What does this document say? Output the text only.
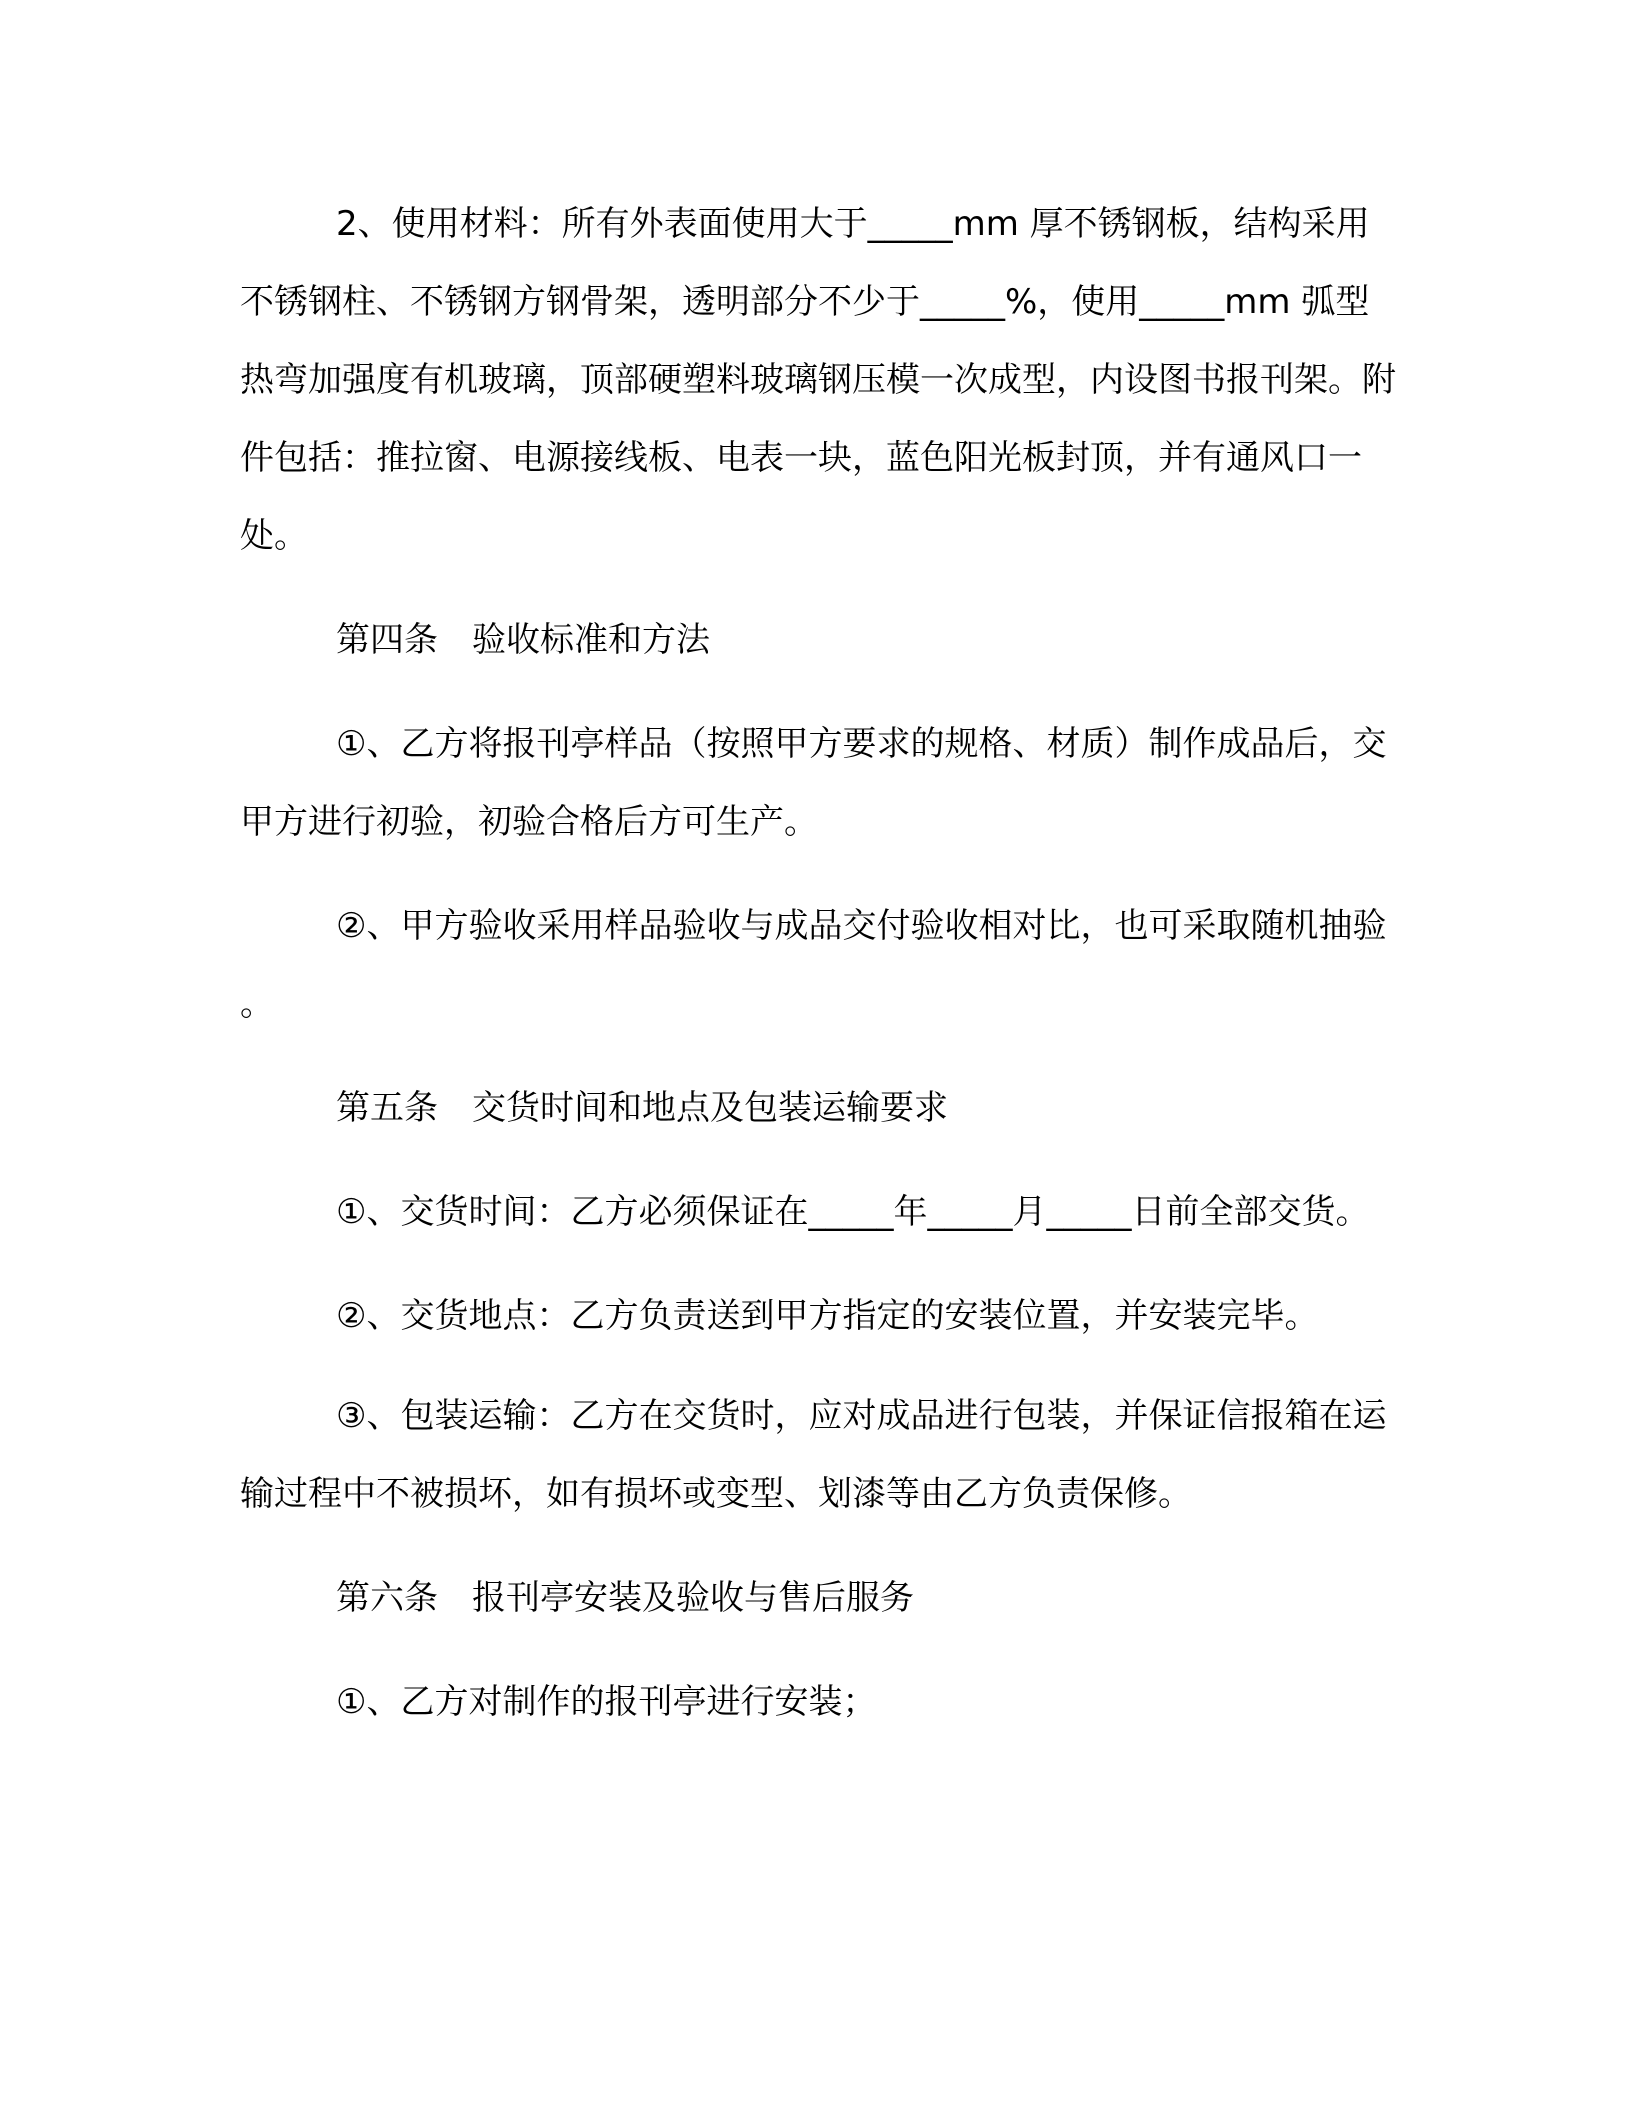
2、使用材料：所有外表面使用大于_____mm 厚不锈钢板，结构采用不锈钢柱、不锈钢方钢骨架，透明部分不少于_____%，使用_____mm 弧型热弯加强度有机玻璃，顶部硬塑料玻璃钢压模一次成型，内设图书报刊架。附件包括：推拉窗、电源接线板、电表一块，蓝色阳光板封顶，并有通风口一处。

第四条　验收标准和方法

①、乙方将报刊亭样品（按照甲方要求的规格、材质）制作成品后，交甲方进行初验，初验合格后方可生产。

②、甲方验收采用样品验收与成品交付验收相对比，也可采取随机抽验 。

第五条　交货时间和地点及包装运输要求

①、交货时间：乙方必须保证在_____年_____月_____日前全部交货。

②、交货地点：乙方负责送到甲方指定的安装位置，并安装完毕。

③、包装运输：乙方在交货时，应对成品进行包装，并保证信报箱在运输过程中不被损坏，如有损坏或变型、划漆等由乙方负责保修。

第六条　报刊亭安装及验收与售后服务

①、乙方对制作的报刊亭进行安装；
